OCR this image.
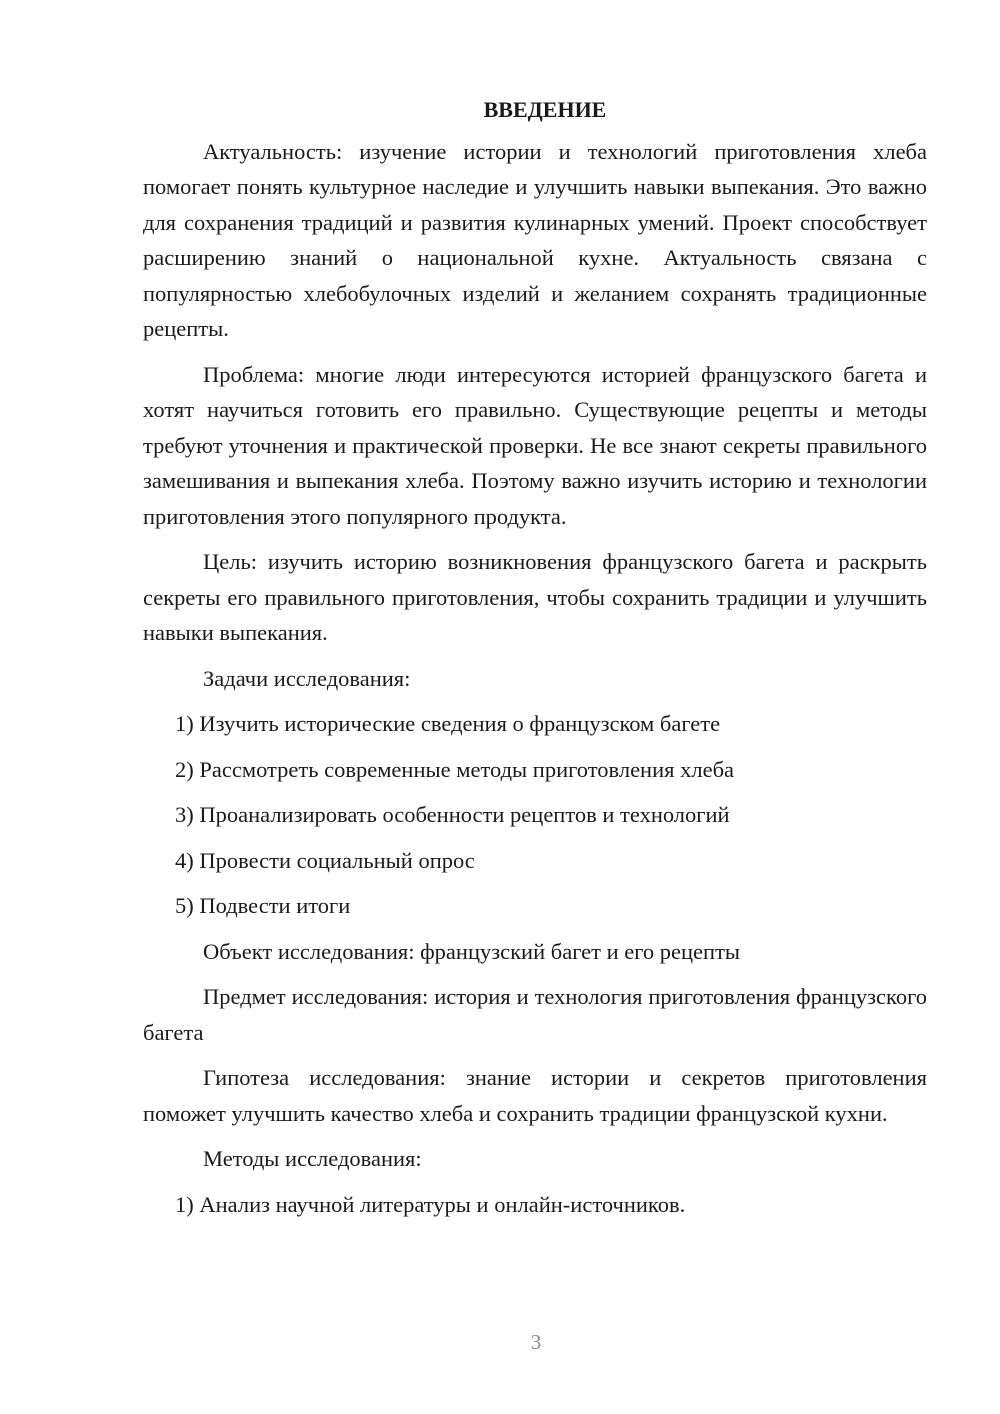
ВВЕДЕНИЕ

Актуальность: изучение истории и технологий приготовления хлеба помогает понять культурное наследие и улучшить навыки выпекания. Это важно для сохранения традиций и развития кулинарных умений. Проект способствует расширению знаний о национальной кухне. Актуальность связана с популярностью хлебобулочных изделий и желанием сохранять традиционные рецепты.

Проблема: многие люди интересуются историей французского багета и хотят научиться готовить его правильно. Существующие рецепты и методы требуют уточнения и практической проверки. Не все знают секреты правильного замешивания и выпекания хлеба. Поэтому важно изучить историю и технологии приготовления этого популярного продукта.

Цель: изучить историю возникновения французского багета и раскрыть секреты его правильного приготовления, чтобы сохранить традиции и улучшить навыки выпекания.

Задачи исследования:

1) Изучить исторические сведения о французском багете

2) Рассмотреть современные методы приготовления хлеба

3) Проанализировать особенности рецептов и технологий

4) Провести социальный опрос

5) Подвести итоги

Объект исследования: французский багет и его рецепты

Предмет исследования: история и технология приготовления французского багета

Гипотеза исследования: знание истории и секретов приготовления поможет улучшить качество хлеба и сохранить традиции французской кухни.

Методы исследования:

1) Анализ научной литературы и онлайн-источников.

3
